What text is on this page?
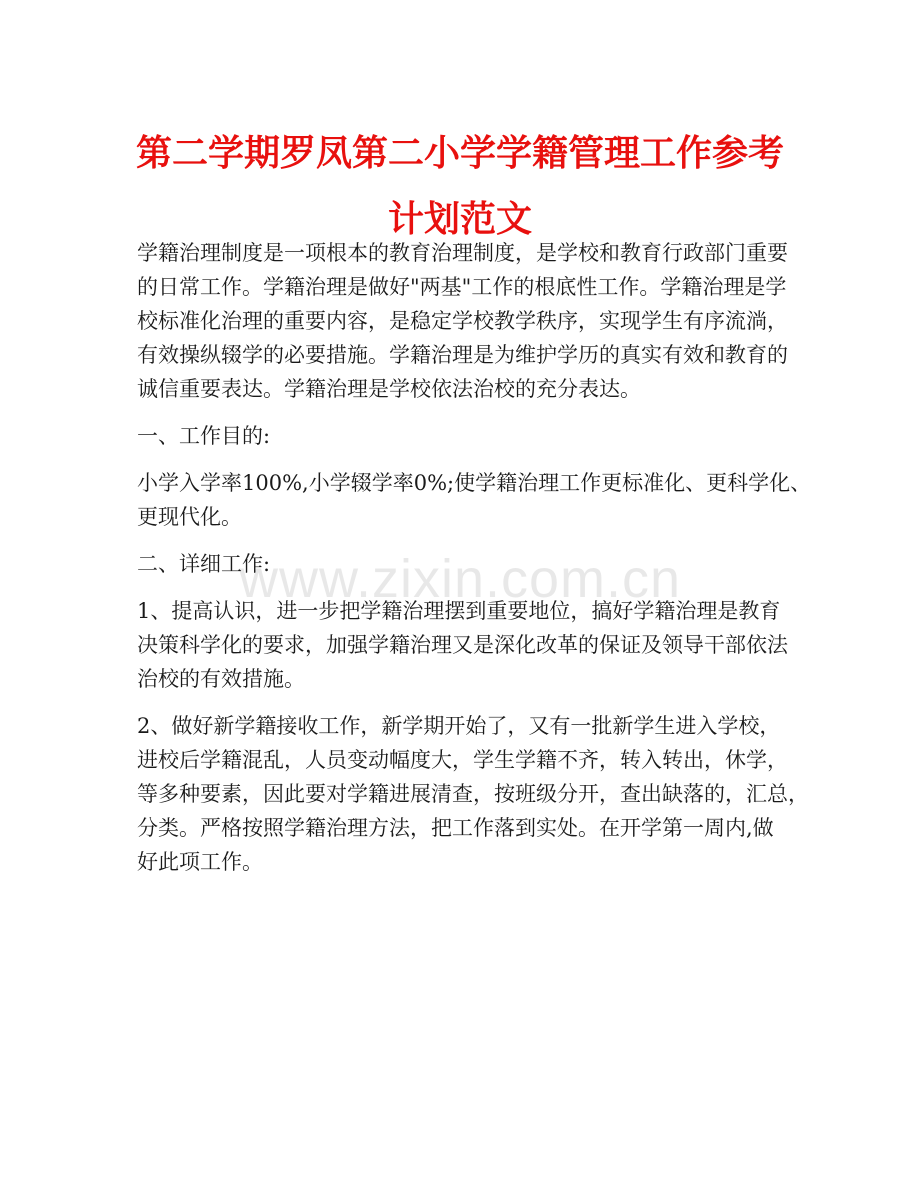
第二学期罗凤第二小学学籍管理工作参考
计划范文
学籍治理制度是一项根本的教育治理制度，是学校和教育行政部门重要
的日常工作。学籍治理是做好"两基"工作的根底性工作。学籍治理是学
校标准化治理的重要内容，是稳定学校教学秩序，实现学生有序流淌，
有效操纵辍学的必要措施。学籍治理是为维护学历的真实有效和教育的
诚信重要表达。学籍治理是学校依法治校的充分表达。
一、工作目的:
小学入学率100%,小学辍学率0%;使学籍治理工作更标准化、更科学化、
更现代化。
二、详细工作:
1、提高认识，进一步把学籍治理摆到重要地位，搞好学籍治理是教育
决策科学化的要求，加强学籍治理又是深化改革的保证及领导干部依法
治校的有效措施。
2、做好新学籍接收工作，新学期开始了，又有一批新学生进入学校，
进校后学籍混乱，人员变动幅度大，学生学籍不齐，转入转出，休学，
等多种要素，因此要对学籍进展清查，按班级分开，查出缺落的，汇总，
分类。严格按照学籍治理方法，把工作落到实处。在开学第一周内,做
好此项工作。
www.zixin.com.cn
